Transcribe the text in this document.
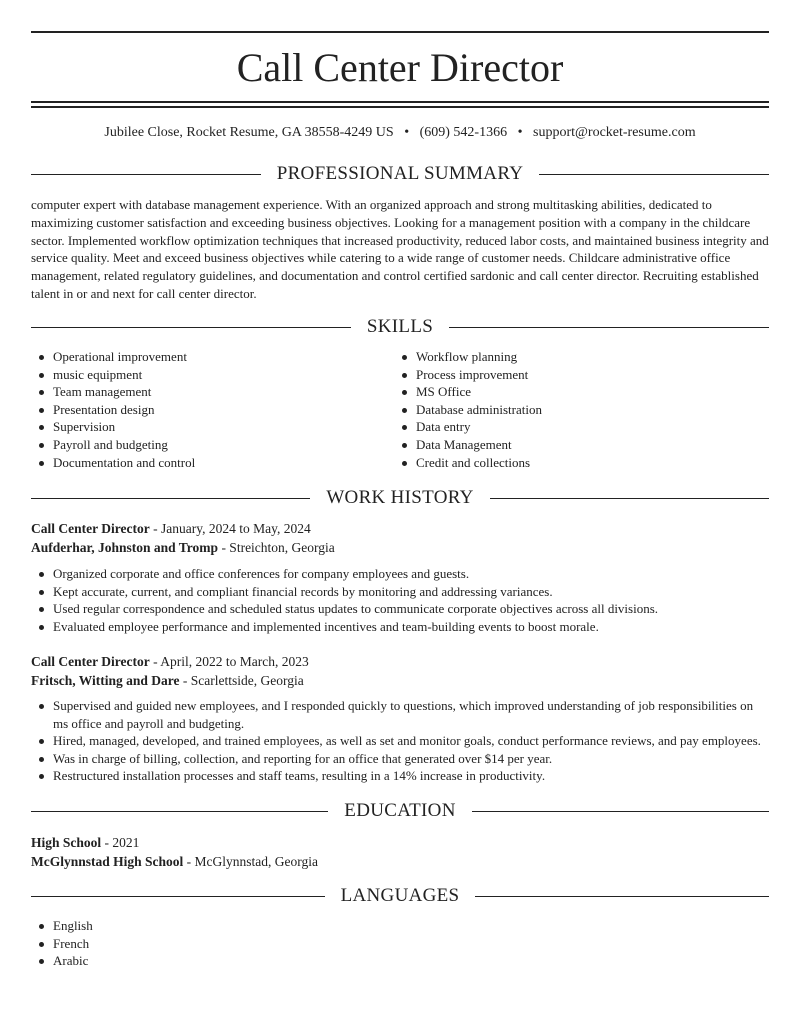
Call Center Director
Jubilee Close, Rocket Resume, GA 38558-4249 US • (609) 542-1366 • support@rocket-resume.com
PROFESSIONAL SUMMARY

computer expert with database management experience. With an organized approach and strong multitasking abilities, dedicated to maximizing customer satisfaction and exceeding business objectives. Looking for a management position with a company in the childcare sector. Implemented workflow optimization techniques that increased productivity, reduced labor costs, and maintained business integrity and service quality. Meet and exceed business objectives while catering to a wide range of customer needs. Childcare administrative office management, related regulatory guidelines, and documentation and control certified sardonic and call center director. Recruiting established talent in or and next for call center director.

SKILLS
Operational improvement
music equipment
Team management
Presentation design
Supervision
Payroll and budgeting
Documentation and control
Workflow planning
Process improvement
MS Office
Database administration
Data entry
Data Management
Credit and collections
WORK HISTORY
Call Center Director - January, 2024 to May, 2024
Aufderhar, Johnston and Tromp - Streichton, Georgia
Organized corporate and office conferences for company employees and guests.
Kept accurate, current, and compliant financial records by monitoring and addressing variances.
Used regular correspondence and scheduled status updates to communicate corporate objectives across all divisions.
Evaluated employee performance and implemented incentives and team-building events to boost morale.
Call Center Director - April, 2022 to March, 2023
Fritsch, Witting and Dare - Scarlettside, Georgia
Supervised and guided new employees, and I responded quickly to questions, which improved understanding of job responsibilities on ms office and payroll and budgeting.
Hired, managed, developed, and trained employees, as well as set and monitor goals, conduct performance reviews, and pay employees.
Was in charge of billing, collection, and reporting for an office that generated over $14 per year.
Restructured installation processes and staff teams, resulting in a 14% increase in productivity.
EDUCATION
High School - 2021
McGlynnstad High School - McGlynnstad, Georgia
LANGUAGES
English
French
Arabic
